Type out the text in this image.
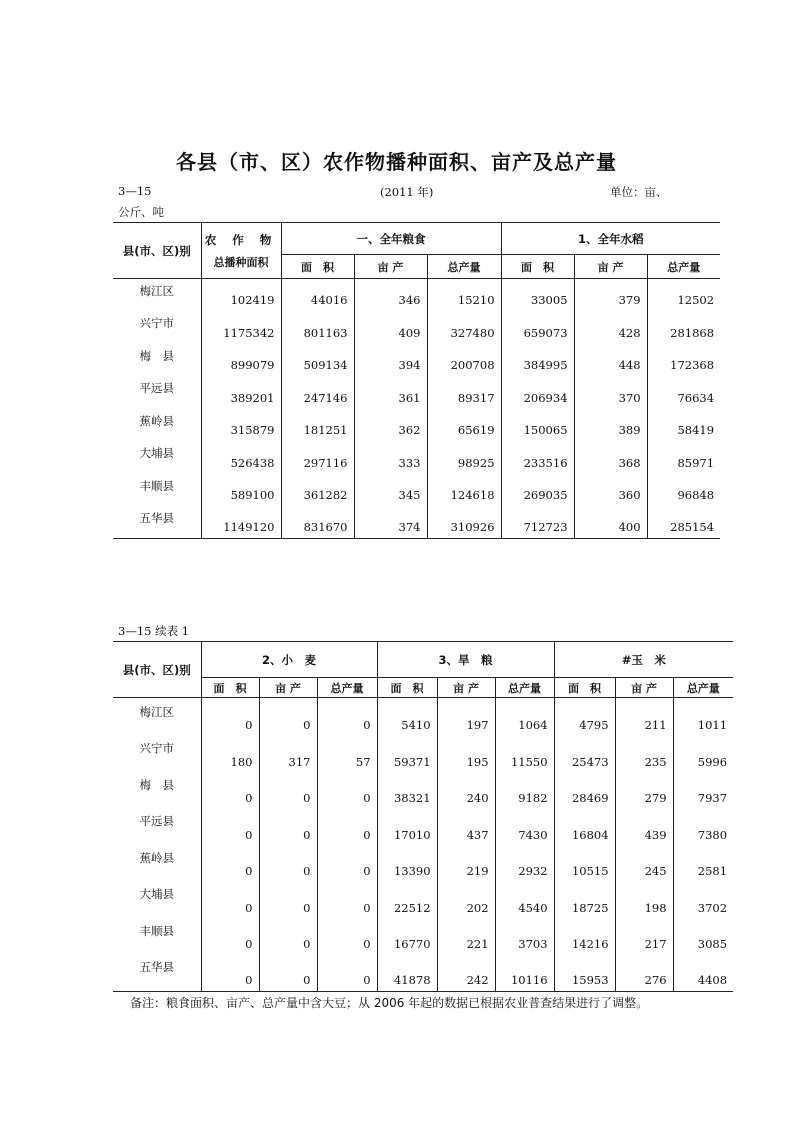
各县（市、区）农作物播种面积、亩产及总产量
3—15	(2011 年)	单位：亩、
公斤、吨
县(市、区)别	农 作 物
总播种面积	一、全年粮食			1、全年水稻		
		面　积	亩 产	总产量	面　积	亩 产	总产量
梅江区	102419	44016	346	15210	33005	379	12502
兴宁市	1175342	801163	409	327480	659073	428	281868
梅　县	899079	509134	394	200708	384995	448	172368
平远县	389201	247146	361	89317	206934	370	76634
蕉岭县	315879	181251	362	65619	150065	389	58419
大埔县	526438	297116	333	98925	233516	368	85971
丰顺县	589100	361282	345	124618	269035	360	96848
五华县	1149120	831670	374	310926	712723	400	285154
3—15 续表 1
县(市、区)别	2、小　麦			3、旱　粮			#玉　米		
	面　积	亩 产	总产量	面　积	亩 产	总产量	面　积	亩 产	总产量
梅江区	0	0	0	5410	197	1064	4795	211	1011
兴宁市	180	317	57	59371	195	11550	25473	235	5996
梅　县	0	0	0	38321	240	9182	28469	279	7937
平远县	0	0	0	17010	437	7430	16804	439	7380
蕉岭县	0	0	0	13390	219	2932	10515	245	2581
大埔县	0	0	0	22512	202	4540	18725	198	3702
丰顺县	0	0	0	16770	221	3703	14216	217	3085
五华县	0	0	0	41878	242	10116	15953	276	4408
备注：粮食面积、亩产、总产量中含大豆；从 2006 年起的数据已根据农业普查结果进行了调整。
